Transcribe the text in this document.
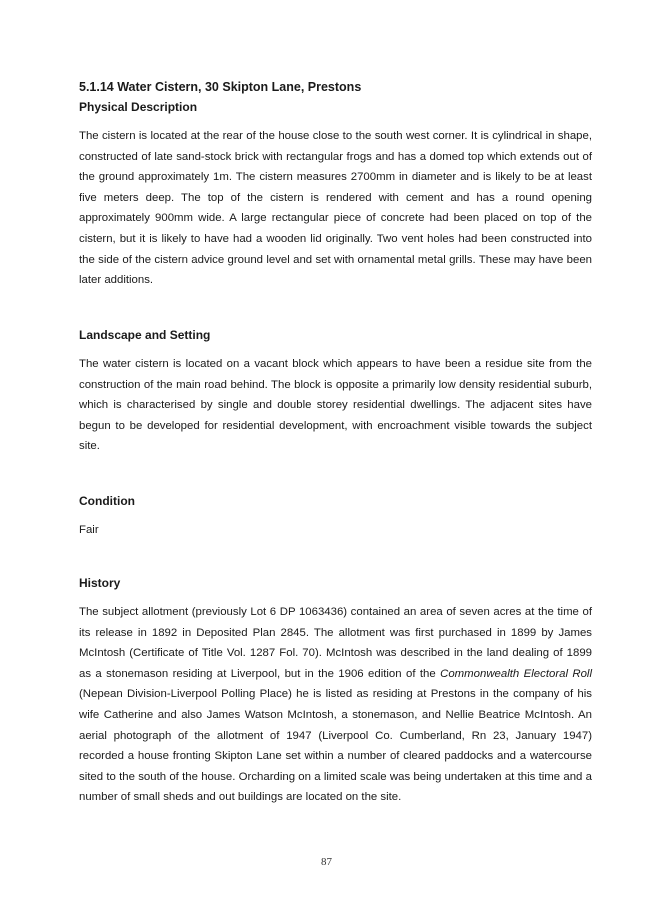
5.1.14 Water Cistern, 30 Skipton Lane, Prestons

Physical Description

The cistern is located at the rear of the house close to the south west corner. It is cylindrical in shape, constructed of late sand-stock brick with rectangular frogs and has a domed top which extends out of the ground approximately 1m. The cistern measures 2700mm in diameter and is likely to be at least five meters deep. The top of the cistern is rendered with cement and has a round opening approximately 900mm wide. A large rectangular piece of concrete had been placed on top of the cistern, but it is likely to have had a wooden lid originally. Two vent holes had been constructed into the side of the cistern advice ground level and set with ornamental metal grills. These may have been later additions.

Landscape and Setting

The water cistern is located on a vacant block which appears to have been a residue site from the construction of the main road behind. The block is opposite a primarily low density residential suburb, which is characterised by single and double storey residential dwellings. The adjacent sites have begun to be developed for residential development, with encroachment visible towards the subject site.

Condition

Fair

History

The subject allotment (previously Lot 6 DP 1063436) contained an area of seven acres at the time of its release in 1892 in Deposited Plan 2845. The allotment was first purchased in 1899 by James McIntosh (Certificate of Title Vol. 1287 Fol. 70). McIntosh was described in the land dealing of 1899 as a stonemason residing at Liverpool, but in the 1906 edition of the Commonwealth Electoral Roll (Nepean Division-Liverpool Polling Place) he is listed as residing at Prestons in the company of his wife Catherine and also James Watson McIntosh, a stonemason, and Nellie Beatrice McIntosh. An aerial photograph of the allotment of 1947 (Liverpool Co. Cumberland, Rn 23, January 1947) recorded a house fronting Skipton Lane set within a number of cleared paddocks and a watercourse sited to the south of the house. Orcharding on a limited scale was being undertaken at this time and a number of small sheds and out buildings are located on the site.

87
